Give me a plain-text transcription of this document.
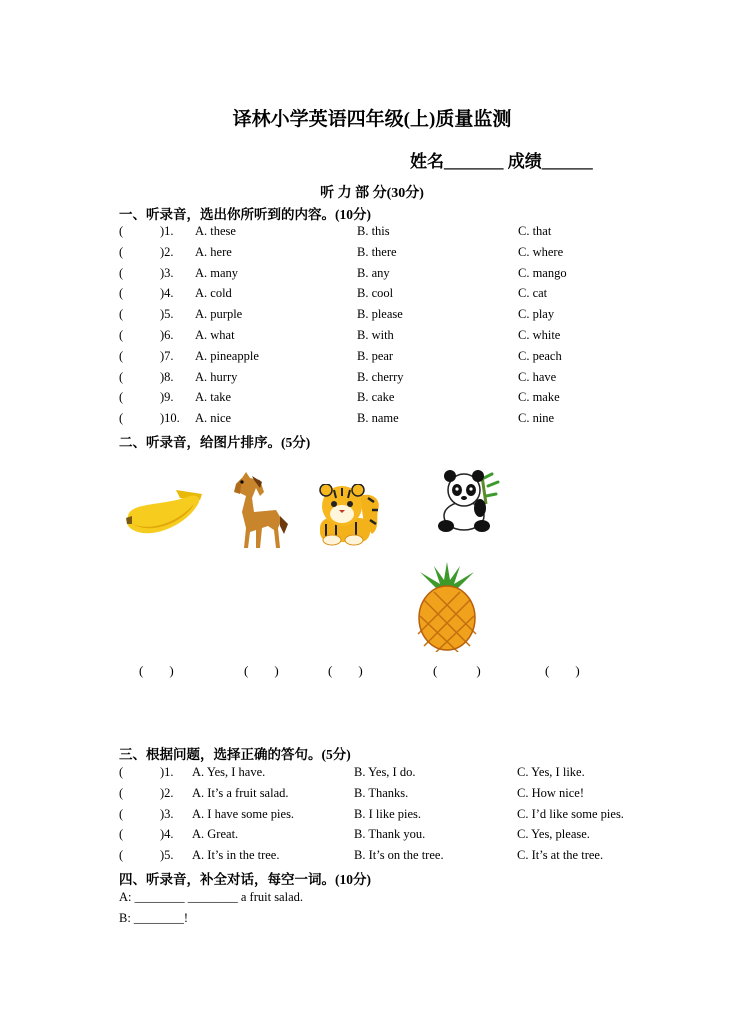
译林小学英语四年级(上)质量监测
姓名_______ 成绩______
听 力 部 分(30分)
一、听录音，选出你所听到的内容。(10分)
(	)1. A. these	B. this	C. that
(	)2. A. here	B. there	C. where
(	)3. A. many	B. any	C. mango
(	)4. A. cold	B. cool	C. cat
(	)5. A. purple	B. please	C. play
(	)6. A. what	B. with	C. white
(	)7. A. pineapple	B. pear	C. peach
(	)8. A. hurry	B. cherry	C. have
(	)9. A. take	B. cake	C. make
(	)10. A. nice	B. name	C. nine
二、听录音，给图片排序。(5分)
(　　)	(　　)	(　　)	(　　　)	(　　)
三、根据问题，选择正确的答句。(5分)
(	)1. A. Yes, I have.	B. Yes, I do.	C. Yes, I like.
(	)2. A. It’s a fruit salad.	B. Thanks.	C. How nice!
(	)3. A. I have some pies.	B. I like pies.	C. I’d like some pies.
(	)4. A. Great.	B. Thank you.	C. Yes, please.
(	)5. A. It’s in the tree.	B. It’s on the tree.	C. It’s at the tree.
四、听录音，补全对话，每空一词。(10分)
A: ________ ________ a fruit salad.
B: ________!
